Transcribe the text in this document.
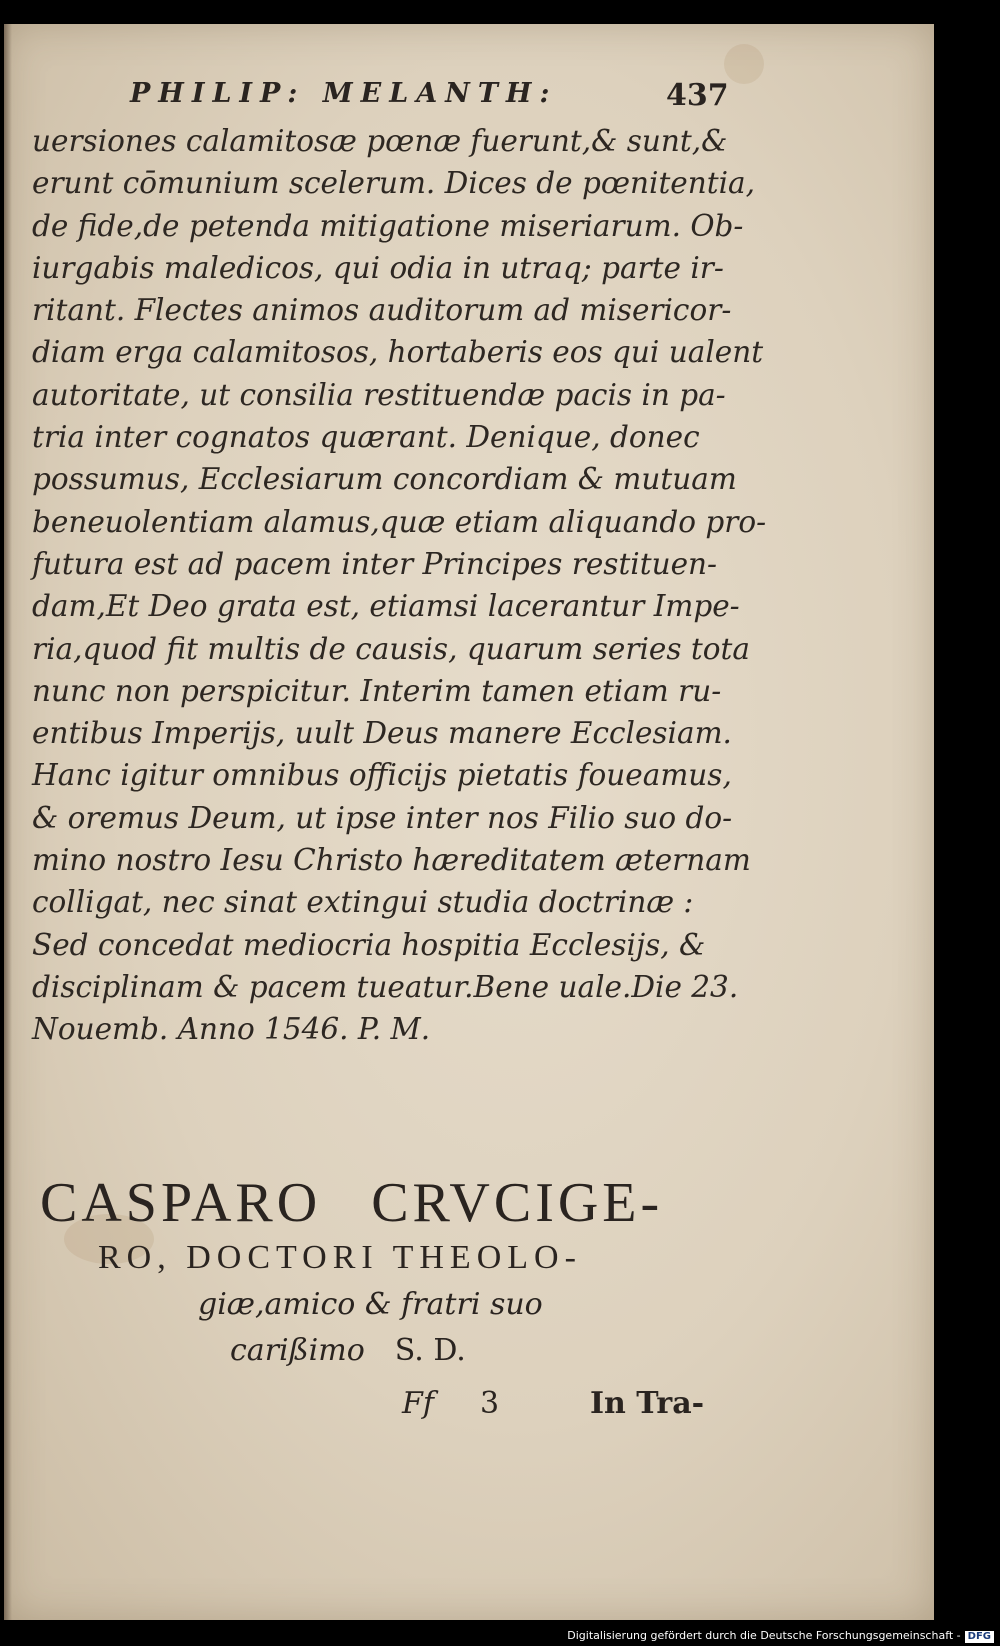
PHILIP: MELANTH:	437
uersiones calamitosæ pœnæ fuerunt,& sunt,&
erunt cōmunium scelerum. Dices de pœnitentia,
de fide,de petenda mitigatione miseriarum. Ob-
iurgabis maledicos, qui odia in utraq; parte ir-
ritant. Flectes animos auditorum ad misericor-
diam erga calamitosos, hortaberis eos qui ualent
autoritate, ut consilia restituendæ pacis in pa-
tria inter cognatos quærant. Denique, donec
possumus, Ecclesiarum concordiam & mutuam
beneuolentiam alamus,quæ etiam aliquando pro-
futura est ad pacem inter Principes restituen-
dam,Et Deo grata est, etiamsi lacerantur Impe-
ria,quod fit multis de causis, quarum series tota
nunc non perspicitur. Interim tamen etiam ru-
entibus Imperijs, uult Deus manere Ecclesiam.
Hanc igitur omnibus officijs pietatis foueamus,
& oremus Deum, ut ipse inter nos Filio suo do-
mino nostro Iesu Christo hæreditatem æternam
colligat, nec sinat extingui studia doctrinæ :
Sed concedat mediocria hospitia Ecclesijs, &
disciplinam & pacem tueatur.Bene uale.Die 23.
Nouemb. Anno 1546. P. M.
CASPARO CRVCIGE-
RO, DOCTORI THEOLO-
giæ,amico & fratri suo
carißimo S. D.
Ff 3	In Tra-
Digitalisierung gefördert durch die Deutsche Forschungsgemeinschaft - DFG
